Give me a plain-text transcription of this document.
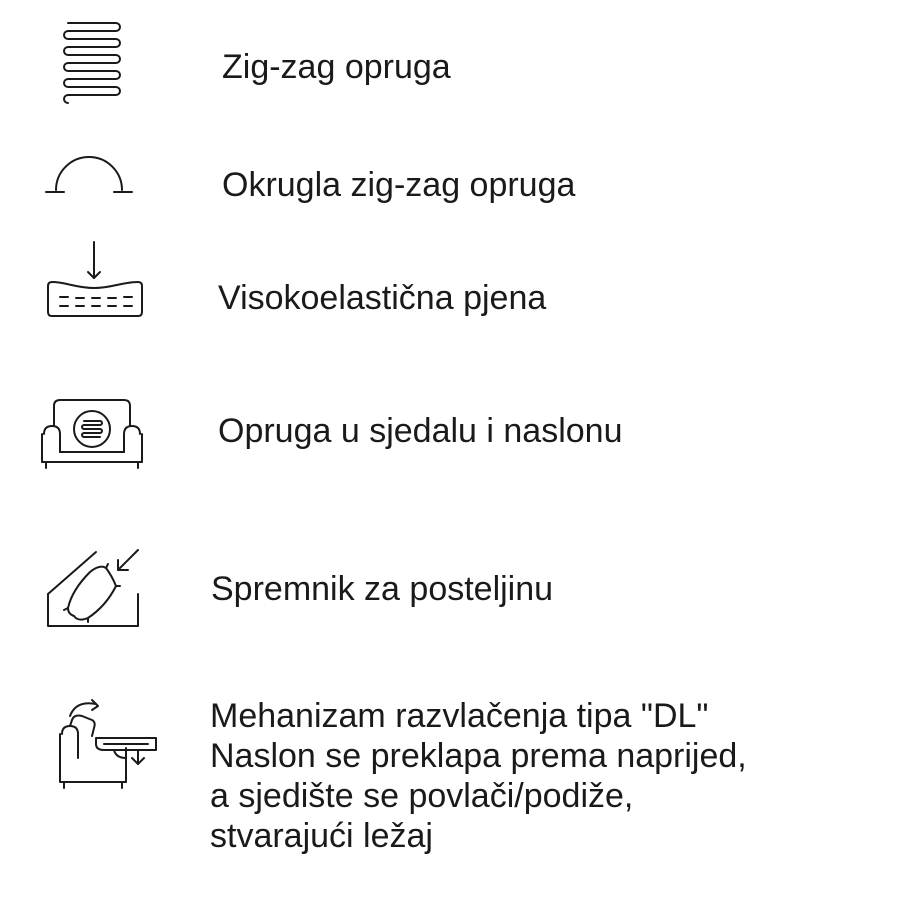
Zig-zag opruga
Okrugla zig-zag opruga
Visokoelastična pjena
Opruga u sjedalu i naslonu
Spremnik za posteljinu
Mehanizam razvlačenja tipa "DL"
Naslon se preklapa prema naprijed,
a sjedište se povlači/podiže,
stvarajući ležaj
